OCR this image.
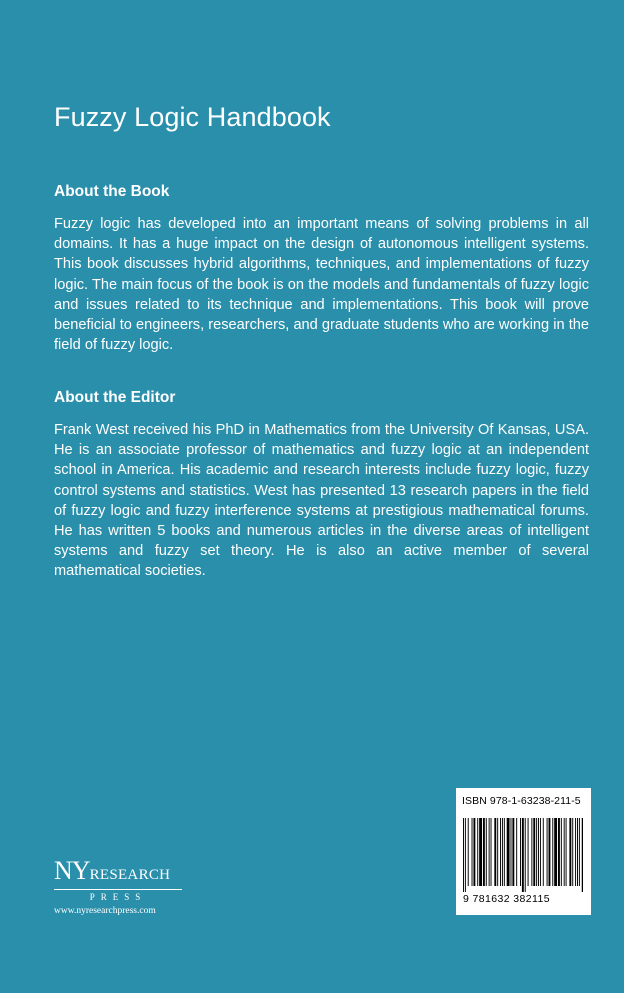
Fuzzy Logic Handbook
About the Book

Fuzzy logic has developed into an important means of solving problems in all domains. It has a huge impact on the design of autonomous intelligent systems. This book discusses hybrid algorithms, techniques, and implementations of fuzzy logic. The main focus of the book is on the models and fundamentals of fuzzy logic and issues related to its technique and implementations. This book will prove beneficial to engineers, researchers, and graduate students who are working in the field of fuzzy logic.

About the Editor

Frank West received his PhD in Mathematics from the University Of Kansas, USA. He is an associate professor of mathematics and fuzzy logic at an independent school in America. His academic and research interests include fuzzy logic, fuzzy control systems and statistics. West has presented 13 research papers in the field of fuzzy logic and fuzzy interference systems at prestigious mathematical forums. He has written 5 books and numerous articles in the diverse areas of intelligent systems and fuzzy set theory. He is also an active member of several mathematical societies.

NY RESEARCH
PRESS
www.nyresearchpress.com
ISBN 978-1-63238-211-5
9 781632 382115
